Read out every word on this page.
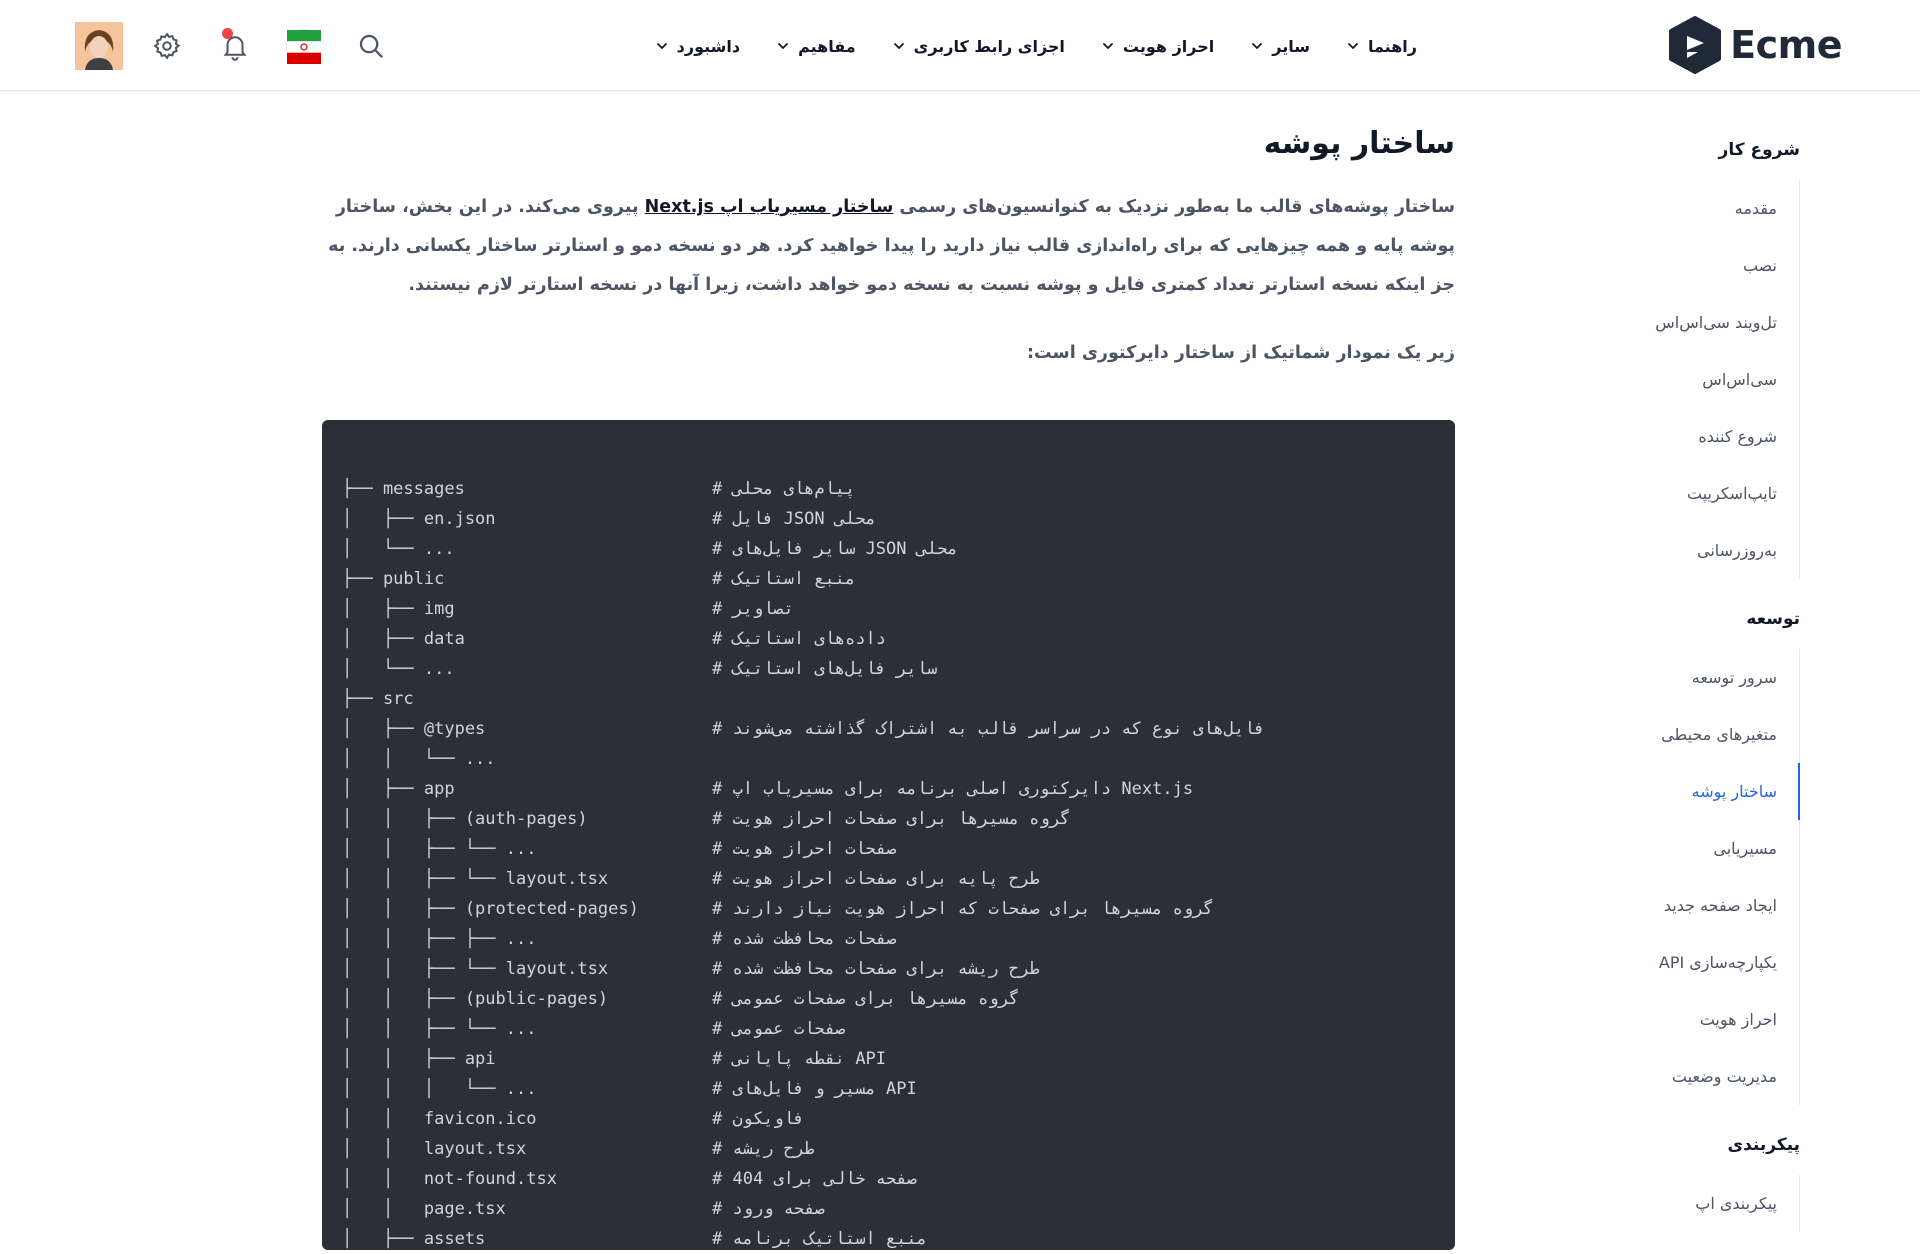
Ecme
داشبورد	مفاهیم	اجزای رابط کاربری	احراز هویت	سایر	راهنما
شروع کار
مقدمه
نصب
تل‌ویند سی‌اس‌اس
سی‌اس‌اس
شروع کننده
تایپ‌اسکریپت
به‌روزرسانی
توسعه
سرور توسعه
متغیرهای محیطی
ساختار پوشه
مسیریابی
ایجاد صفحه جدید
یکپارچه‌سازی API
احراز هویت
مدیریت وضعیت
پیکربندی
پیکربندی اپ
ساختار پوشه

ساختار پوشه‌های قالب ما به‌طور نزدیک به کنوانسیون‌های رسمی ساختار مسیریاب اپ Next.js پیروی می‌کند. در این بخش، ساختار پوشه پایه و همه چیزهایی که برای راه‌اندازی قالب نیاز دارید را پیدا خواهید کرد. هر دو نسخه دمو و استارتر ساختار یکسانی دارند. به جز اینکه نسخه استارتر تعداد کمتری فایل و پوشه نسبت به نسخه دمو خواهد داشت، زیرا آنها در نسخه استارتر لازم نیستند.

زیر یک نمودار شماتیک از ساختار دایرکتوری است:

├── messages	# پیام‌های محلی
│   ├── en.json	# فایل JSON محلی
│   └── ...	# سایر فایل‌های JSON محلی
├── public	# منبع استاتیک
│   ├── img	# تصاویر
│   ├── data	# داده‌های استاتیک
│   └── ...	# سایر فایل‌های استاتیک
├── src
│   ├── @types	# فایل‌های نوع که در سراسر قالب به اشتراک گذاشته می‌شوند
│   │   └── ...
│   ├── app	# دایرکتوری اصلی برنامه برای مسیریاب اپ Next.js
│   │   ├── (auth-pages)	# گروه مسیرها برای صفحات احراز هویت
│   │   ├── └── ...	# صفحات احراز هویت
│   │   ├── └── layout.tsx	# طرح پایه برای صفحات احراز هویت
│   │   ├── (protected-pages)	# گروه مسیرها برای صفحات که احراز هویت نیاز دارند
│   │   ├── ├── ...	# صفحات محافظت شده
│   │   ├── └── layout.tsx	# طرح ریشه برای صفحات محافظت شده
│   │   ├── (public-pages)	# گروه مسیرها برای صفحات عمومی
│   │   ├── └── ...	# صفحات عمومی
│   │   ├── api	# نقطه پایانی API
│   │   │   └── ...	# مسیر و فایل‌های API
│   │   favicon.ico	# فاویکون
│   │   layout.tsx	# طرح ریشه
│   │   not-found.tsx	# صفحه خالی برای 404
│   │   page.tsx	# صفحه ورود
│   ├── assets	# منبع استاتیک برنامه
